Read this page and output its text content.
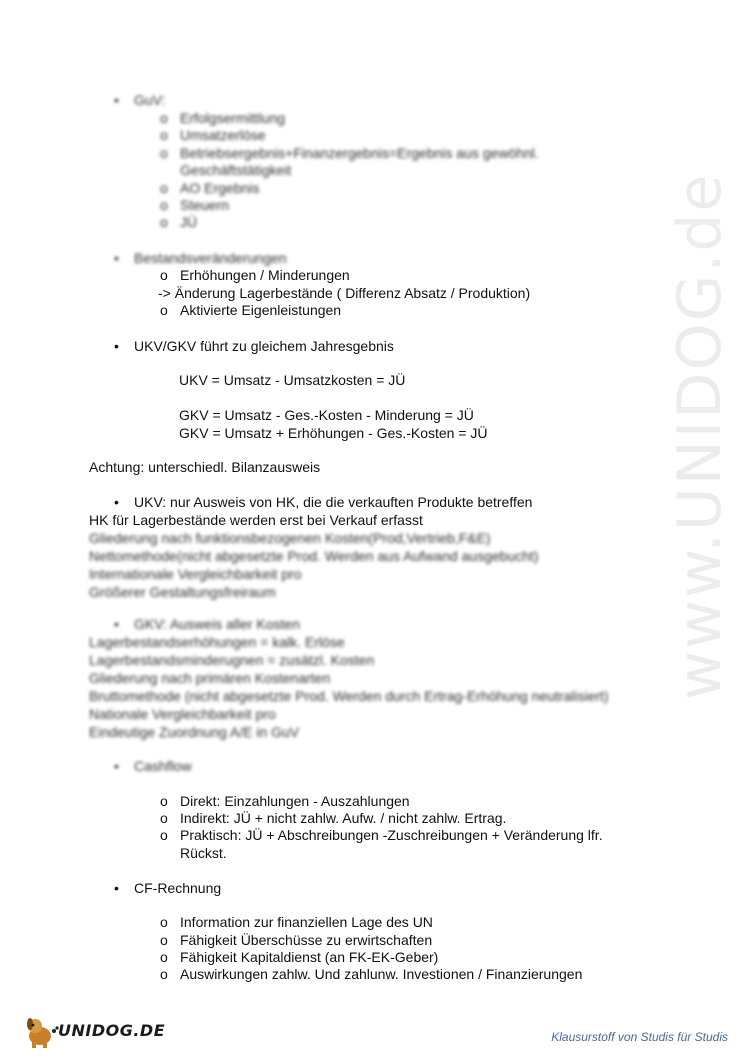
www.UNIDOG.de
• GuV:
o Erfolgsermittlung
o Umsatzerlöse
o Betriebsergebnis+Finanzergebnis=Ergebnis aus gewöhnl.
Geschäftstätigkeit
o AO Ergebnis
o Steuern
o JÜ
• Bestandsveränderungen
o Erhöhungen / Minderungen
-> Änderung Lagerbestände ( Differenz Absatz / Produktion)
o Aktivierte Eigenleistungen
• UKV/GKV führt zu gleichem Jahresgebnis
UKV = Umsatz - Umsatzkosten = JÜ
GKV = Umsatz - Ges.-Kosten - Minderung = JÜ
GKV = Umsatz + Erhöhungen - Ges.-Kosten = JÜ
Achtung: unterschiedl. Bilanzausweis
• UKV: nur Ausweis von HK, die die verkauften Produkte betreffen
HK für Lagerbestände werden erst bei Verkauf erfasst
Gliederung nach funktionsbezogenen Kosten(Prod,Vertrieb,F&E)
Nettomethode(nicht abgesetzte Prod. Werden aus Aufwand ausgebucht)
Internationale Vergleichbarkeit pro
Größerer Gestaltungsfreiraum
• GKV: Ausweis aller Kosten
Lagerbestandserhöhungen = kalk. Erlöse
Lagerbestandsminderugnen = zusätzl. Kosten
Gliederung nach primären Kostenarten
Bruttomethode (nicht abgesetzte Prod. Werden durch Ertrag-Erhöhung neutralisiert)
Nationale Vergleichbarkeit pro
Eindeutige Zuordnung A/E in GuV
• Cashflow
o Direkt: Einzahlungen - Auszahlungen
o Indirekt: JÜ + nicht zahlw. Aufw. / nicht zahlw. Ertrag.
o Praktisch: JÜ + Abschreibungen -Zuschreibungen + Veränderung lfr.
Rückst.
• CF-Rechnung
o Information zur finanziellen Lage des UN
o Fähigkeit Überschüsse zu erwirtschaften
o Fähigkeit Kapitaldienst (an FK-EK-Geber)
o Auswirkungen zahlw. Und zahlunw. Investionen / Finanzierungen
UNIDOG.DE	Klausurstoff von Studis für Studis
